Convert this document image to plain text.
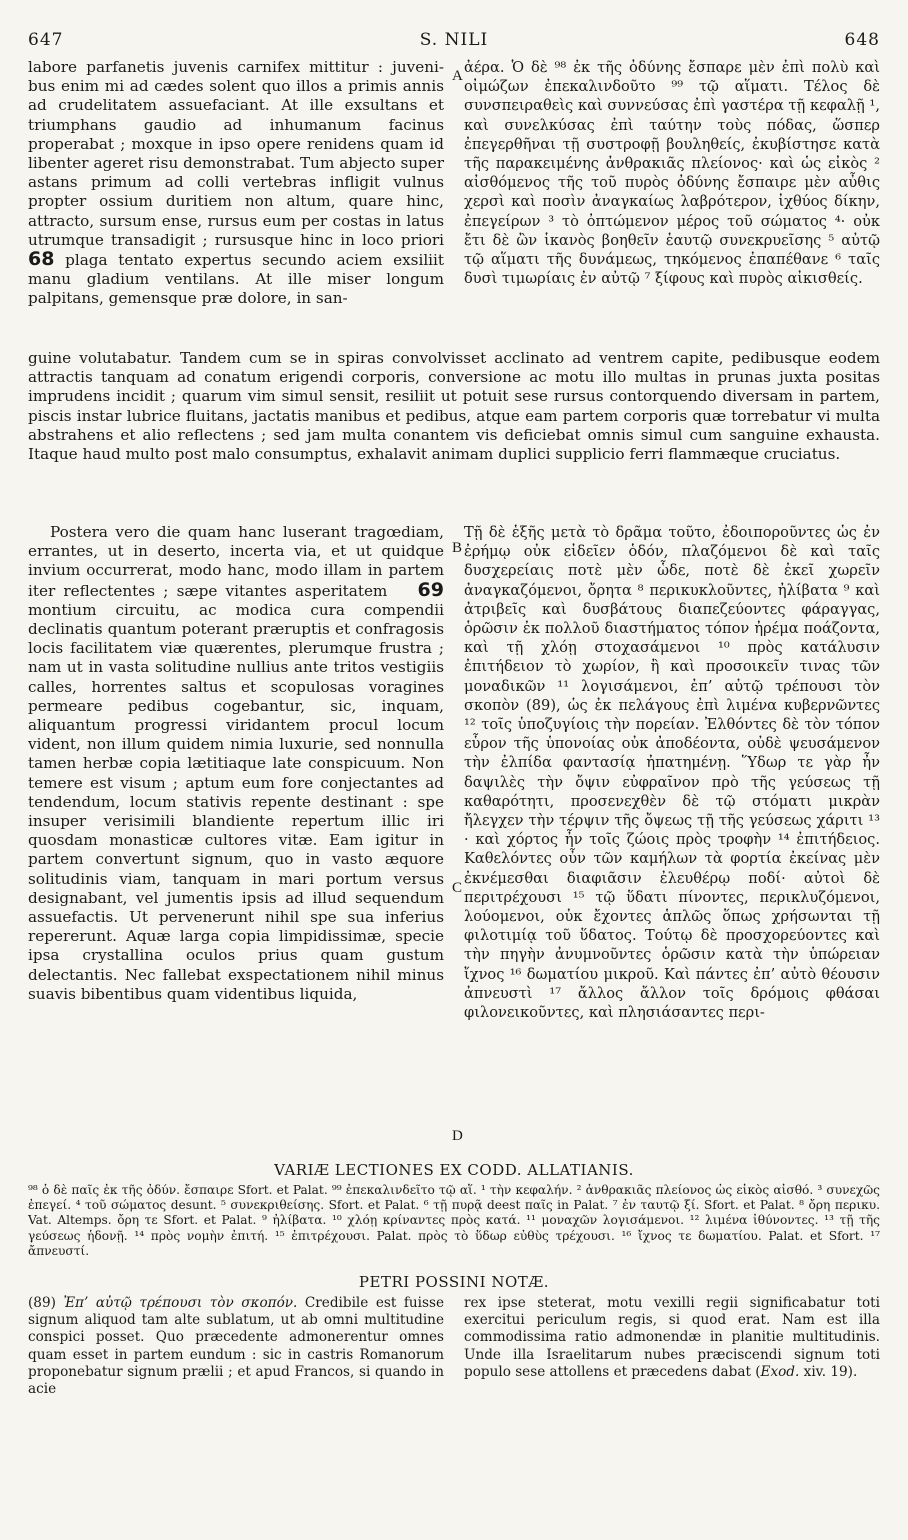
647	S. NILI	648

labore parfanetis juvenis carnifex mittitur : juveni- bus enim mi ad cædes solent quo illos a primis annis ad crudelitatem assuefaciant. At ille exsultans et triumphans gaudio ad inhumanum facinus properabat ; moxque in ipso opere renidens quam id libenter ageret risu demonstrabat. Tum abjecto super astans primum ad colli vertebras infligit vulnus propter ossium duritiem non altum, quare hinc, attracto, sursum ense, rursus eum per costas in latus utrumque transadigit ; rursusque hinc in loco priori 68 plaga tentato expertus secundo aciem exsiliit manu gladium ventilans. At ille miser longum palpitans, gemensque præ dolore, in san-

ἀέρα. Ὁ δὲ ⁹⁸ ἐκ τῆς ὀδύνης ἔσπαρε μὲν ἐπὶ πολὺ καὶ οἰμώζων ἐπεκαλινδοῦτο ⁹⁹ τῷ αἵματι. Τέλος δὲ συνσπειραθεὶς καὶ συννεύσας ἐπὶ γαστέρα τῇ κεφαλῇ ¹, καὶ συνελκύσας ἐπὶ ταύτην τοὺς πόδας, ὥσπερ ἐπεγερθῆναι τῇ συστροφῇ βουληθείς, ἐκυβίστησε κατὰ τῆς παρακειμένης ἀνθρακιᾶς πλείονος· καὶ ὡς εἰκὸς ² αἰσθόμενος τῆς τοῦ πυρὸς ὀδύνης ἔσπαιρε μὲν αὖθις χερσὶ καὶ ποσὶν ἀναγκαίως λαβρότερον, ἰχθύος δίκην, ἐπεγείρων ³ τὸ ὀπτώμενον μέρος τοῦ σώματος ⁴· οὐκ ἔτι δὲ ὢν ἱκανὸς βοηθεῖν ἑαυτῷ συνεκρυεῖσης ⁵ αὐτῷ τῷ αἵματι τῆς δυνάμεως, τηκόμενος ἐπαπέθανε ⁶ ταῖς δυσὶ τιμωρίαις ἐν αὐτῷ ⁷ ξίφους καὶ πυρὸς αἰκισθείς.

A

guine volutabatur. Tandem cum se in spiras convolvisset acclinato ad ventrem capite, pedibusque eodem attractis tanquam ad conatum erigendi corporis, conversione ac motu illo multas in prunas juxta positas imprudens incidit ; quarum vim simul sensit, resiliit ut potuit sese rursus contorquendo diversam in partem, piscis instar lubrice fluitans, jactatis manibus et pedibus, atque eam partem corporis quæ torrebatur vi multa abstrahens et alio reflectens ; sed jam multa conantem vis deficiebat omnis simul cum sanguine exhausta. Itaque haud multo post malo consumptus, exhalavit animam duplici supplicio ferri flammæque cruciatus.

Postera vero die quam hanc luserant tragœdiam, errantes, ut in deserto, incerta via, et ut quidque invium occurrerat, modo hanc, modo illam in partem iter reflectentes ; sæpe vitantes asperitatem 69 montium circuitu, ac modica cura compendii declinatis quantum poterant præruptis et confragosis locis facilitatem viæ quærentes, plerumque frustra ; nam ut in vasta solitudine nullius ante tritos vestigiis calles, horrentes saltus et scopulosas voragines permeare pedibus cogebantur, sic, inquam, aliquantum progressi viridantem procul locum vident, non illum quidem nimia luxurie, sed nonnulla tamen herbæ copia lætitiaque late conspicuum. Non temere est visum ; aptum eum fore conjectantes ad tendendum, locum stativis repente destinant : spe insuper verisimili blandiente repertum illic iri quosdam monasticæ cultores vitæ. Eam igitur in partem convertunt signum, quo in vasto æquore solitudinis viam, tanquam in mari portum versus designabant, vel jumentis ipsis ad illud sequendum assuefactis. Ut pervenerunt nihil spe sua inferius repererunt. Aquæ larga copia limpidissimæ, specie ipsa crystallina oculos prius quam gustum delectantis. Nec fallebat exspectationem nihil minus suavis bibentibus quam videntibus liquida,

Τῇ δὲ ἑξῆς μετὰ τὸ δρᾶμα τοῦτο, ἐδοιποροῦντες ὡς ἐν ἐρήμῳ οὐκ εἰδεῖεν ὁδόν, πλαζόμενοι δὲ καὶ ταῖς δυσχερείαις ποτὲ μὲν ὧδε, ποτὲ δὲ ἐκεῖ χωρεῖν ἀναγκαζόμενοι, ὄρητα ⁸ περικυκλοῦντες, ἠλίβατα ⁹ καὶ ἀτριβεῖς καὶ δυσβάτους διαπεζεύοντες φάραγγας, ὁρῶσιν ἐκ πολλοῦ διαστήματος τόπον ἠρέμα ποάζοντα, καὶ τῇ χλόῃ στοχασάμενοι ¹⁰ πρὸς κατάλυσιν ἐπιτήδειον τὸ χωρίον, ἢ καὶ προσοικεῖν τινας τῶν μοναδικῶν ¹¹ λογισάμενοι, ἐπ’ αὐτῷ τρέπουσι τὸν σκοπὸν (89), ὡς ἐκ πελάγους ἐπὶ λιμένα κυβερνῶντες ¹² τοῖς ὑποζυγίοις τὴν πορείαν. Ἐλθόντες δὲ τὸν τόπον εὗρον τῆς ὑπονοίας οὐκ ἀποδέοντα, οὐδὲ ψευσάμενον τὴν ἐλπίδα φαντασίᾳ ἠπατημένῃ. Ὕδωρ τε γὰρ ἦν δαψιλὲς τὴν ὄψιν εὐφραῖνον πρὸ τῆς γεύσεως τῇ καθαρότητι, προσενεχθὲν δὲ τῷ στόματι μικρὰν ἤλεγχεν τὴν τέρψιν τῆς ὄψεως τῇ τῆς γεύσεως χάριτι ¹³ · καὶ χόρτος ἦν τοῖς ζώοις πρὸς τροφὴν ¹⁴ ἐπιτήδειος. Καθελόντες οὖν τῶν καμήλων τὰ φορτία ἐκείνας μὲν ἐκνέμεσθαι διαφιᾶσιν ἐλευθέρῳ ποδί· αὐτοὶ δὲ περιτρέχουσι ¹⁵ τῷ ὕδατι πίνοντες, περικλυζόμενοι, λούομενοι, οὐκ ἔχοντες ἁπλῶς ὅπως χρήσωνται τῇ φιλοτιμίᾳ τοῦ ὕδατος. Τούτῳ δὲ προσχορεύοντες καὶ τὴν πηγὴν ἀνυμνοῦντες ὁρῶσιν κατὰ τὴν ὑπώρειαν ἴχνος ¹⁶ δωματίου μικροῦ. Καὶ πάντες ἐπ’ αὐτὸ θέουσιν ἀπνευστὶ ¹⁷ ἄλλος ἄλλον τοῖς δρόμοις φθάσαι φιλονεικοῦντες, καὶ πλησιάσαντες περι-

B
C
D
VARIÆ LECTIONES EX CODD. ALLATIANIS.

⁹⁸ ὁ δὲ παῖς ἐκ τῆς ὀδύν. ἔσπαιρε Sfort. et Palat. ⁹⁹ ἐπεκαλινδεῖτο τῷ αἵ. ¹ τὴν κεφαλήν. ² ἀνθρακιᾶς πλείονος ὡς εἰκὸς αἰσθό. ³ συνεχῶς ἐπεγεί. ⁴ τοῦ σώματος desunt. ⁵ συνεκριθείσης. Sfort. et Palat. ⁶ τῇ πυρᾷ deest παῖς in Palat. ⁷ ἐν ταυτῷ ξί. Sfort. et Palat. ⁸ ὄρη περικυ. Vat. Altemps. ὄρη τε Sfort. et Palat. ⁹ ἠλίβατα. ¹⁰ χλόῃ κρίναντες πρὸς κατά. ¹¹ μοναχῶν λογισάμενοι. ¹² λιμένα ἰθύνοντες. ¹³ τῇ τῆς γεύσεως ἡδονῇ. ¹⁴ πρὸς νομὴν ἐπιτή. ¹⁵ ἐπιτρέχουσι. Palat. πρὸς τὸ ὕδωρ εὐθὺς τρέχουσι. ¹⁶ ἴχνος τε δωματίου. Palat. et Sfort. ¹⁷ ἄπνευστί.

PETRI POSSINI NOTÆ.

(89) Ἐπ’ αὐτῷ τρέπουσι τὸν σκοπόν. Credibile est fuisse signum aliquod tam alte sublatum, ut ab omni multitudine conspici posset. Quo præcedente admonerentur omnes quam esset in partem eundum : sic in castris Romanorum proponebatur signum prælii ; et apud Francos, si quando in acie

rex ipse steterat, motu vexilli regii significabatur toti exercitui periculum regis, si quod erat. Nam est illa commodissima ratio admonendæ in planitie multitudinis. Unde illa Israelitarum nubes præciscendi signum toti populo sese attollens et præcedens dabat (Exod. xiv. 19).
